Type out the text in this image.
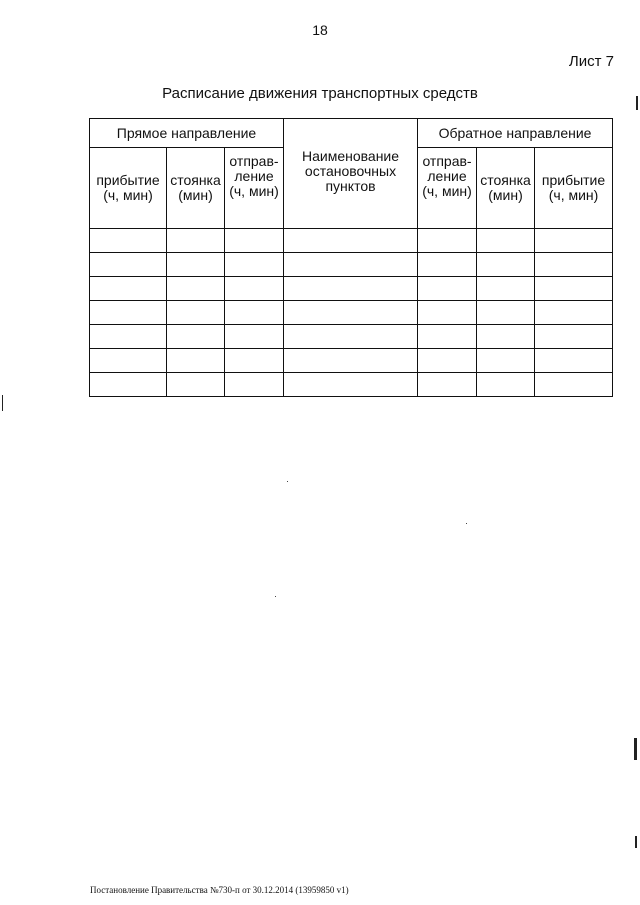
18
Лист 7
Расписание движения транспортных средств
Прямое направление			Наименование остановочных пунктов	Обратное направление		
прибытие (ч, мин)	стоянка (мин)	отправ-ление (ч, мин)		отправ-ление (ч, мин)	стоянка (мин)	прибытие (ч, мин)

Постановление Правительства №730-п от 30.12.2014 (13959850 v1)
